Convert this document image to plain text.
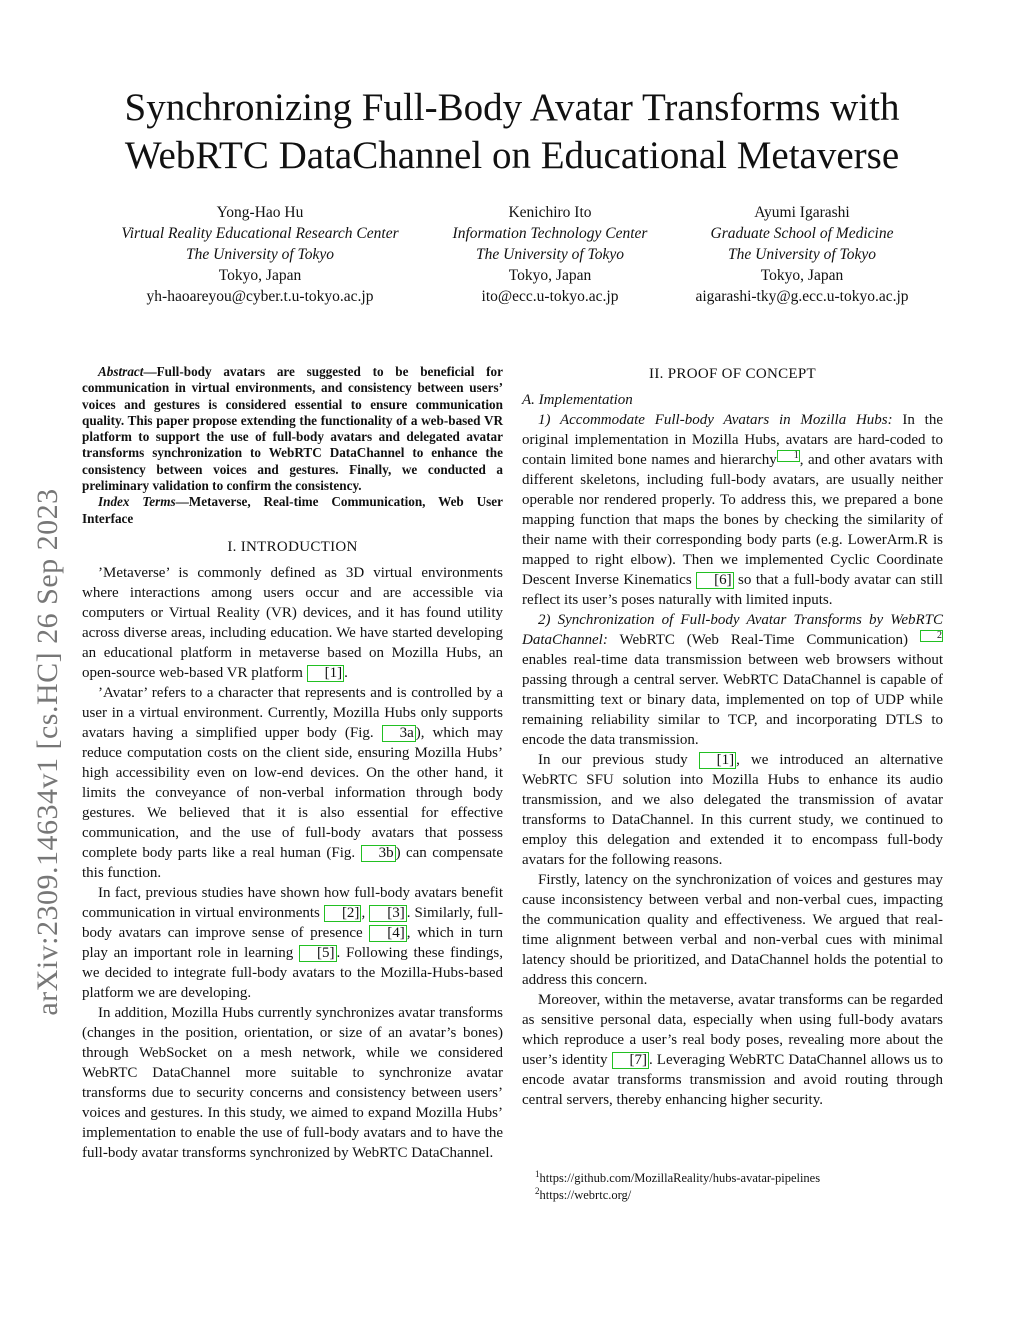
Synchronizing Full-Body Avatar Transforms with
WebRTC DataChannel on Educational Metaverse
Yong-Hao Hu
Virtual Reality Educational Research Center
The University of Tokyo
Tokyo, Japan
yh-haoareyou@cyber.t.u-tokyo.ac.jp
Kenichiro Ito
Information Technology Center
The University of Tokyo
Tokyo, Japan
ito@ecc.u-tokyo.ac.jp
Ayumi Igarashi
Graduate School of Medicine
The University of Tokyo
Tokyo, Japan
aigarashi-tky@g.ecc.u-tokyo.ac.jp
arXiv:2309.14634v1 [cs.HC] 26 Sep 2023

Abstract—Full-body avatars are suggested to be beneficial for communication in virtual environments, and consistency between users’ voices and gestures is considered essential to ensure communication quality. This paper propose extending the functionality of a web-based VR platform to support the use of full-body avatars and delegated avatar transforms synchronization to WebRTC DataChannel to enhance the consistency between voices and gestures. Finally, we conducted a preliminary validation to confirm the consistency.

Index Terms—Metaverse, Real-time Communication, Web User Interface

I. INTRODUCTION

’Metaverse’ is commonly defined as 3D virtual environments where interactions among users occur and are accessible via computers or Virtual Reality (VR) devices, and it has found utility across diverse areas, including education. We have started developing an educational platform in metaverse based on Mozilla Hubs, an open-source web-based VR platform [1] .

’Avatar’ refers to a character that represents and is controlled by a user in a virtual environment. Currently, Mozilla Hubs only supports avatars having a simplified upper body (Fig. 3a ), which may reduce computation costs on the client side, ensuring Mozilla Hubs’ high accessibility even on low-end devices. On the other hand, it limits the conveyance of non-verbal information through body gestures. We believed that it is also essential for effective communication, and the use of full-body avatars that possess complete body parts like a real human (Fig. 3b ) can compensate this function.

In fact, previous studies have shown how full-body avatars benefit communication in virtual environments [2] , [3] . Similarly, full-body avatars can improve sense of presence [4] , which in turn play an important role in learning [5] . Following these findings, we decided to integrate full-body avatars to the Mozilla-Hubs-based platform we are developing.

In addition, Mozilla Hubs currently synchronizes avatar transforms (changes in the position, orientation, or size of an avatar’s bones) through WebSocket on a mesh network, while we considered WebRTC DataChannel more suitable to synchronize avatar transforms due to security concerns and consistency between users’ voices and gestures. In this study, we aimed to expand Mozilla Hubs’ implementation to enable the use of full-body avatars and to have the full-body avatar transforms synchronized by WebRTC DataChannel.

II. PROOF OF CONCEPT

A. Implementation

1) Accommodate Full-body Avatars in Mozilla Hubs: In the original implementation in Mozilla Hubs, avatars are hard-coded to contain limited bone names and hierarchy $^1$, and other avatars with different skeletons, including full-body avatars, are usually neither operable nor rendered properly. To address this, we prepared a bone mapping function that maps the bones by checking the similarity of their name with their corresponding body parts (e.g. LowerArm.R is mapped to right elbow). Then we implemented Cyclic Coordinate Descent Inverse Kinematics [6] so that a full-body avatar can still reflect its user’s poses naturally with limited inputs.

2) Synchronization of Full-body Avatar Transforms by WebRTC DataChannel: WebRTC (Web Real-Time Communication) $^2$ enables real-time data transmission between web browsers without passing through a central server. WebRTC DataChannel is capable of transmitting text or binary data, implemented on top of UDP while remaining reliability similar to TCP, and incorporating DTLS to encode the data transmission.

In our previous study [1] , we introduced an alternative WebRTC SFU solution into Mozilla Hubs to enhance its audio transmission, and we also delegated the transmission of avatar transforms to DataChannel. In this current study, we continued to employ this delegation and extended it to encompass full-body avatars for the following reasons.

Firstly, latency on the synchronization of voices and gestures may cause inconsistency between verbal and non-verbal cues, impacting the communication quality and effectiveness. We argued that real-time alignment between verbal and non-verbal cues with minimal latency should be prioritized, and DataChannel holds the potential to address this concern.

Moreover, within the metaverse, avatar transforms can be regarded as sensitive personal data, especially when using full-body avatars which reproduce a user’s real body poses, revealing more about the user’s identity [7] . Leveraging WebRTC DataChannel allows us to encode avatar transforms transmission and avoid routing through central servers, thereby enhancing higher security.

$^1$https://github.com/MozillaReality/hubs-avatar-pipelines
$^2$https://webrtc.org/
